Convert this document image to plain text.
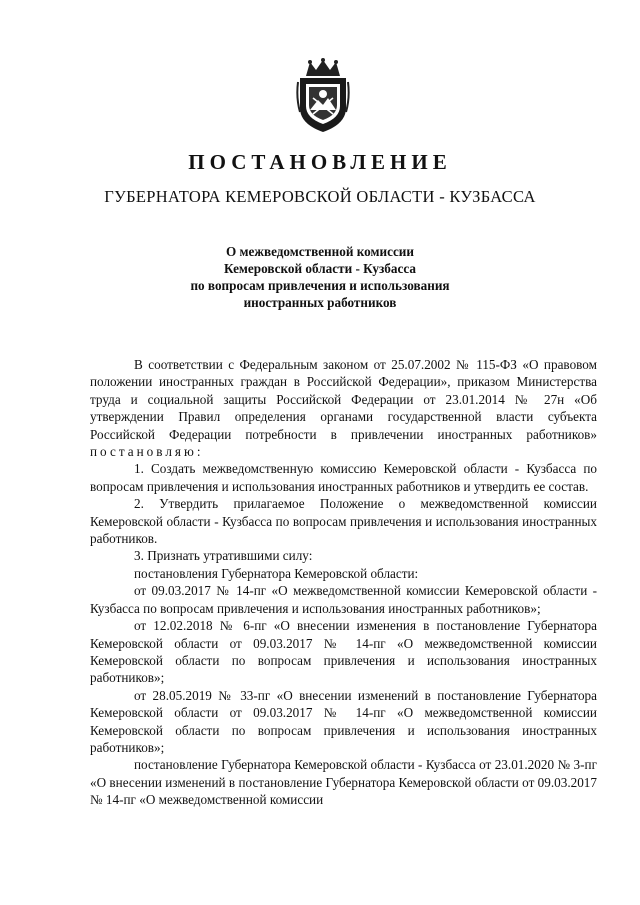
ПОСТАНОВЛЕНИЕ
ГУБЕРНАТОРА КЕМЕРОВСКОЙ ОБЛАСТИ - КУЗБАССА
О межведомственной комиссии
Кемеровской области - Кузбасса
по вопросам привлечения и использования
иностранных работников

В соответствии с Федеральным законом от 25.07.2002 № 115-ФЗ «О правовом положении иностранных граждан в Российской Федерации», приказом Министерства труда и социальной защиты Российской Федерации от 23.01.2014 № 27н «Об утверждении Правил определения органами государственной власти субъекта Российской Федерации потребности в привлечении иностранных работников» постановляю:

1. Создать межведомственную комиссию Кемеровской области - Кузбасса по вопросам привлечения и использования иностранных работников и утвердить ее состав.

2. Утвердить прилагаемое Положение о межведомственной комиссии Кемеровской области - Кузбасса по вопросам привлечения и использования иностранных работников.

3. Признать утратившими силу:

постановления Губернатора Кемеровской области:

от 09.03.2017 № 14-пг «О межведомственной комиссии Кемеровской области - Кузбасса по вопросам привлечения и использования иностранных работников»;

от 12.02.2018 № 6-пг «О внесении изменения в постановление Губернатора Кемеровской области от 09.03.2017 № 14-пг «О межведомственной комиссии Кемеровской области по вопросам привлечения и использования иностранных работников»;

от 28.05.2019 № 33-пг «О внесении изменений в постановление Губернатора Кемеровской области от 09.03.2017 № 14-пг «О межведомственной комиссии Кемеровской области по вопросам привлечения и использования иностранных работников»;

постановление Губернатора Кемеровской области - Кузбасса от 23.01.2020 № 3-пг «О внесении изменений в постановление Губернатора Кемеровской области от 09.03.2017 № 14-пг «О межведомственной комиссии
